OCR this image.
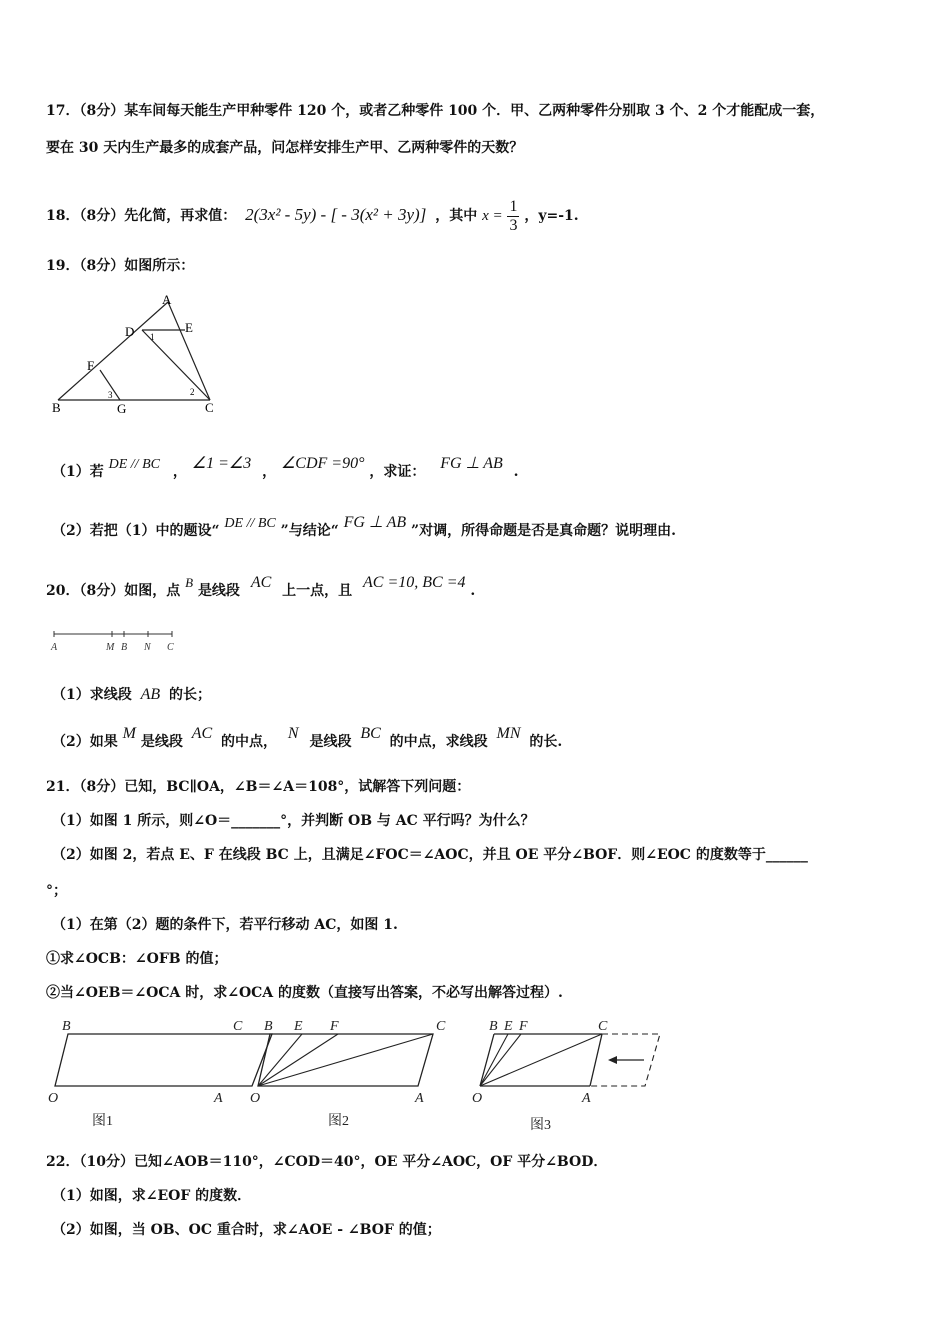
17．（8分）某车间每天能生产甲种零件 120 个，或者乙种零件 100 个．甲、乙两种零件分别取 3 个、2 个才能配成一套，
要在 30 天内生产最多的成套产品，问怎样安排生产甲、乙两种零件的天数？
18．（8分）先化简，再求值： 2(3x² - 5y) - [ - 3(x² + 3y)] ，其中 $x = \frac{1}{3}$ ，y=-1.
19．（8分）如图所示：
A
D	E
1
F
B
3
G
2
C
（1）若 DE // BC ， ∠1 =∠3 ， ∠CDF =90° ，求证： FG ⊥ AB .
（2）若把（1）中的题设“ DE // BC ”与结论“ FG ⊥ AB ”对调，所得命题是否是真命题？说明理由.
20．（8分）如图，点 B 是线段 AC 上一点，且 AC =10, BC =4 .
A	M B N C
（1）求线段 AB 的长；
（2）如果 M 是线段 AC 的中点， N 是线段 BC 的中点，求线段 MN 的长.
21．（8分）已知，BC∥OA，∠B＝∠A＝108°，试解答下列问题：
（1）如图 1 所示，则∠O＝_______°，并判断 OB 与 AC 平行吗？为什么？
（2）如图 2，若点 E、F 在线段 BC 上，且满足∠FOC＝∠AOC，并且 OE 平分∠BOF．则∠EOC 的度数等于______
°；
（1）在第（2）题的条件下，若平行移动 AC，如图 1.
①求∠OCB：∠OFB 的值；
②当∠OEB＝∠OCA 时，求∠OCA 的度数（直接写出答案，不必写出解答过程）.
B	C
O	A
图1
B E F	C
O	A
图2
B E F	C
O	A
图3
22．（10分）已知∠AOB＝110°，∠COD＝40°，OE 平分∠AOC，OF 平分∠BOD．
（1）如图，求∠EOF 的度数．
（2）如图，当 OB、OC 重合时，求∠AOE - ∠BOF 的值；
